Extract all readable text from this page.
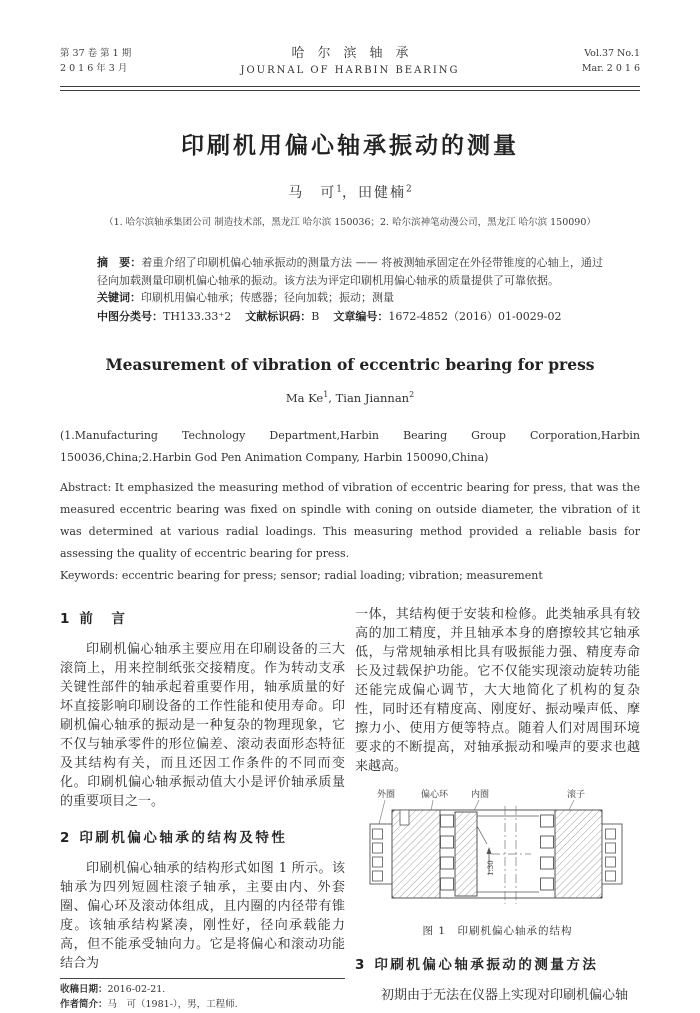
第 37 卷 第 1 期
2 0 1 6 年 3 月
哈尔滨轴承
JOURNAL OF HARBIN BEARING
Vol.37 No.1
Mar. 2 0 1 6
印刷机用偏心轴承振动的测量
马　可$^1$，田健楠$^2$
（1. 哈尔滨轴承集团公司 制造技术部，黑龙江 哈尔滨 150036；2. 哈尔滨神笔动漫公司，黑龙江 哈尔滨 150090）
摘　要：着重介绍了印刷机偏心轴承振动的测量方法 —— 将被测轴承固定在外径带锥度的心轴上，通过径向加载测量印刷机偏心轴承的振动。该方法为评定印刷机用偏心轴承的质量提供了可靠依据。
关键词：印刷机用偏心轴承；传感器；径向加载；振动；测量
中图分类号：TH133.33⁺2 文献标识码：B 文章编号：1672-4852（2016）01-0029-02
Measurement of vibration of eccentric bearing for press
Ma Ke$^1$, Tian Jiannan$^2$
(1.Manufacturing Technology Department,Harbin Bearing Group Corporation,Harbin 150036,China;2.Harbin God Pen Animation Company, Harbin 150090,China)
Abstract: It emphasized the measuring method of vibration of eccentric bearing for press, that was the measured eccentric bearing was fixed on spindle with coning on outside diameter, the vibration of it was determined at various radial loadings. This measuring method provided a reliable basis for assessing the quality of eccentric bearing for press.
Keywords: eccentric bearing for press; sensor; radial loading; vibration; measurement
1 前　言

印刷机偏心轴承主要应用在印刷设备的三大滚筒上，用来控制纸张交接精度。作为转动支承关键性部件的轴承起着重要作用，轴承质量的好坏直接影响印刷设备的工作性能和使用寿命。印刷机偏心轴承的振动是一种复杂的物理现象，它不仅与轴承零件的形位偏差、滚动表面形态特征及其结构有关，而且还因工作条件的不同而变化。印刷机偏心轴承振动值大小是评价轴承质量的重要项目之一。

2 印刷机偏心轴承的结构及特性

印刷机偏心轴承的结构形式如图 1 所示。该轴承为四列短圆柱滚子轴承，主要由内、外套圈、偏心环及滚动体组成，且内圈的内径带有锥度。该轴承结构紧凑，刚性好，径向承载能力高，但不能承受轴向力。它是将偏心和滚动功能结合为

收稿日期：2016-02-21.
作者简介：马　可（1981-），男，工程师.

一体，其结构便于安装和检修。此类轴承具有较高的加工精度，并且轴承本身的磨擦较其它轴承低，与常规轴承相比具有吸振能力强、精度寿命长及过载保护功能。它不仅能实现滚动旋转功能还能完成偏心调节，大大地简化了机构的复杂性，同时还有精度高、刚度好、振动噪声低、摩擦力小、使用方便等特点。随着人们对周围环境要求的不断提高，对轴承振动和噪声的要求也越来越高。

外圈	偏心环	内圈	滚子
1:30
图 1　印刷机偏心轴承的结构
3 印刷机偏心轴承振动的测量方法

初期由于无法在仪器上实现对印刷机偏心轴
